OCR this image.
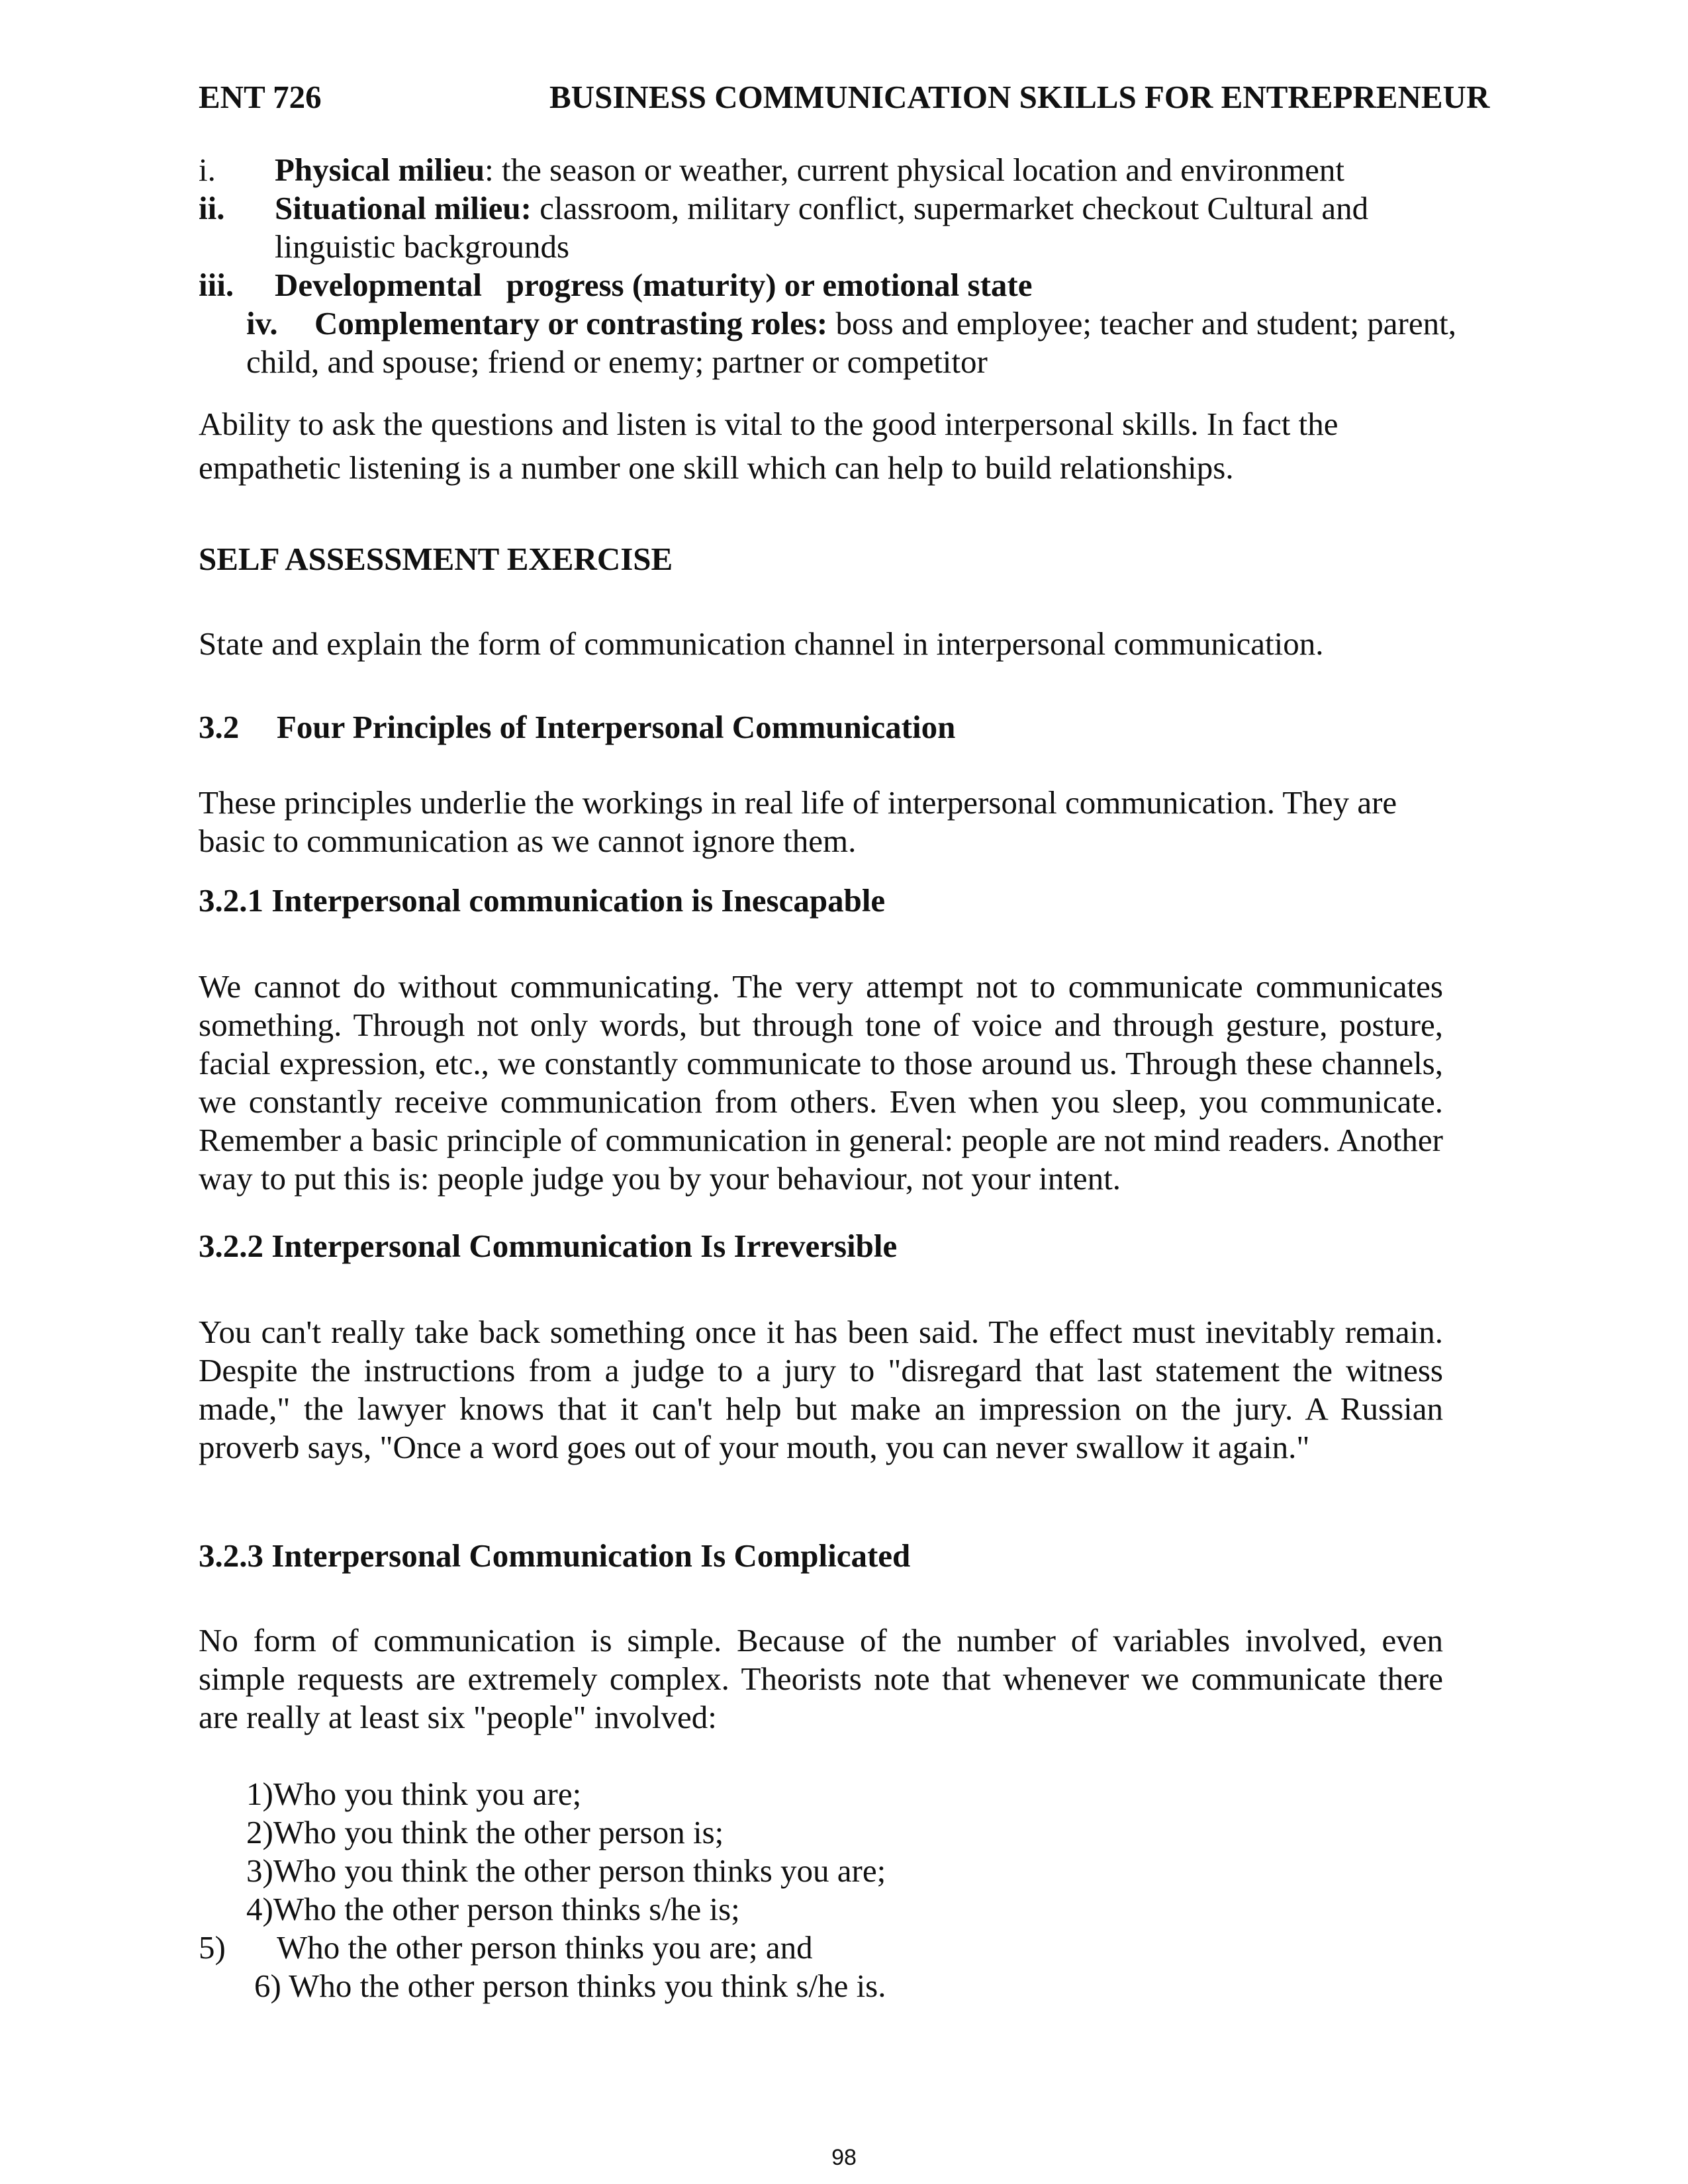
ENT 726	BUSINESS COMMUNICATION SKILLS FOR ENTREPRENEUR
i. Physical milieu: the season or weather, current physical location and environment
ii. Situational milieu: classroom, military conflict, supermarket checkout Cultural and
linguistic backgrounds
iii. Developmental   progress (maturity) or emotional state
iv. Complementary or contrasting roles: boss and employee; teacher and student; parent,
child, and spouse; friend or enemy; partner or competitor
Ability to ask the questions and listen is vital to the good interpersonal skills. In fact the
empathetic listening is a number one skill which can help to build relationships.
SELF ASSESSMENT EXERCISE
State and explain the form of communication channel in interpersonal communication.
3.2 Four Principles of Interpersonal Communication
These principles underlie the workings in real life of interpersonal communication. They are basic to communication as we cannot ignore them.
3.2.1 Interpersonal communication is Inescapable
We cannot do without communicating. The very attempt not to communicate communicates something. Through not only words, but through tone of voice and through gesture, posture, facial expression, etc., we constantly communicate to those around us. Through these channels, we constantly receive communication from others. Even when you sleep, you communicate. Remember a basic principle of communication in general: people are not mind readers. Another way to put this is: people judge you by your behaviour, not your intent.
3.2.2 Interpersonal Communication Is Irreversible
You can't really take back something once it has been said. The effect must inevitably remain. Despite the instructions from a judge to a jury to "disregard that last statement the witness made," the lawyer knows that it can't help but make an impression on the jury. A Russian proverb says, "Once a word goes out of your mouth, you can never swallow it again."
3.2.3 Interpersonal Communication Is Complicated
No form of communication is simple. Because of the number of variables involved, even simple requests are extremely complex. Theorists note that whenever we communicate there are really at least six "people" involved:
1)Who you think you are;
2)Who you think the other person is;
3)Who you think the other person thinks you are;
4)Who the other person thinks s/he is;
5) Who the other person thinks you are; and
6) Who the other person thinks you think s/he is.
98
